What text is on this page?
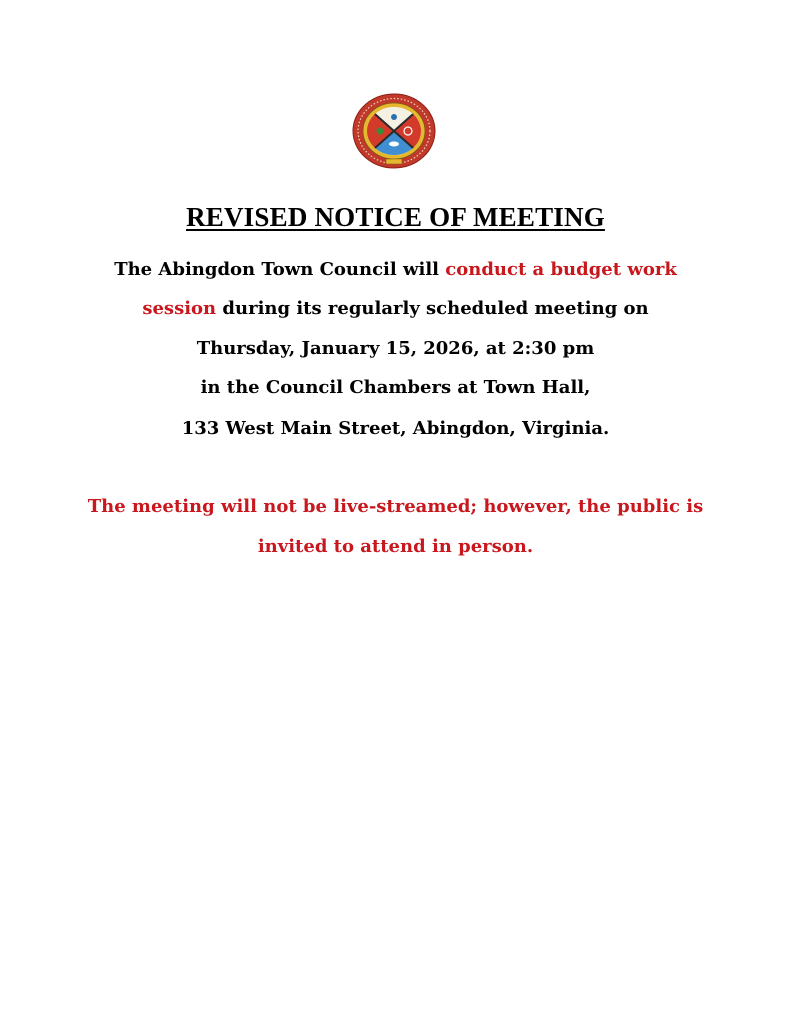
REVISED NOTICE OF MEETING
The Abingdon Town Council will conduct a budget work
session during its regularly scheduled meeting on
Thursday, January 15, 2026, at 2:30 pm
in the Council Chambers at Town Hall,
133 West Main Street, Abingdon, Virginia.
The meeting will not be live-streamed; however, the public is
invited to attend in person.
